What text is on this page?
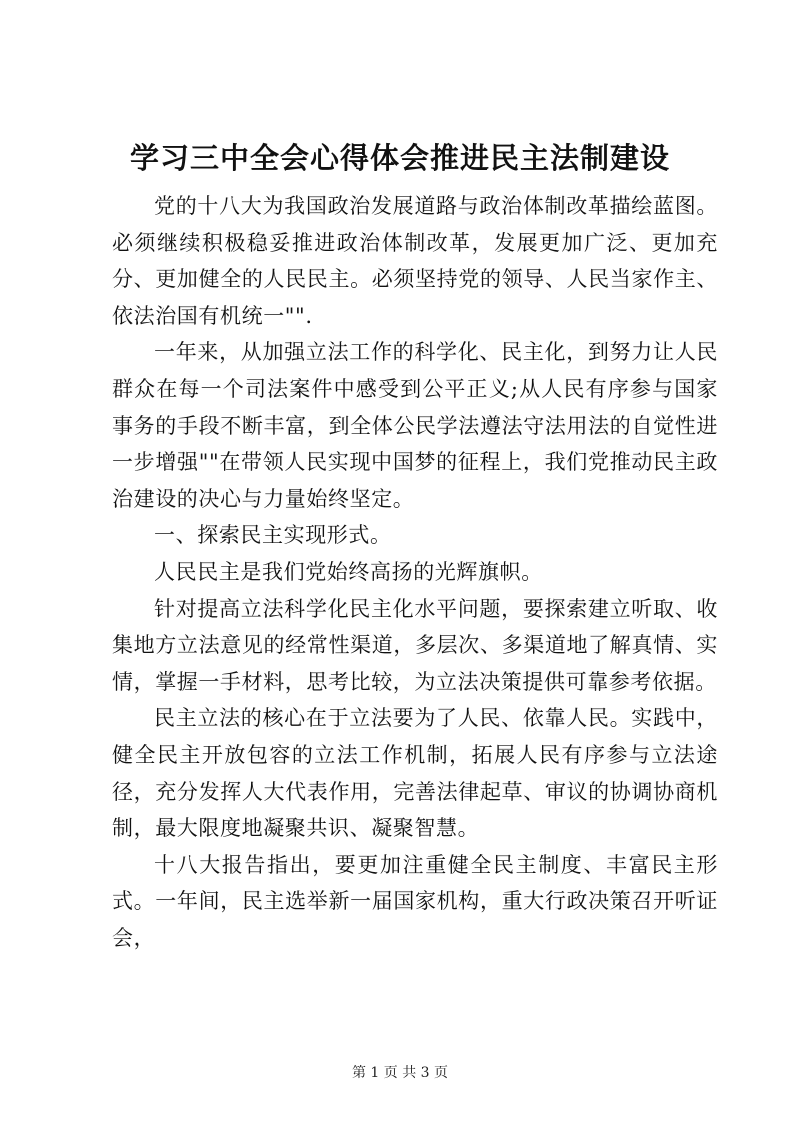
学习三中全会心得体会推进民主法制建设

党的十八大为我国政治发展道路与政治体制改革描绘蓝图。必须继续积极稳妥推进政治体制改革，发展更加广泛、更加充分、更加健全的人民民主。必须坚持党的领导、人民当家作主、依法治国有机统一"".

一年来，从加强立法工作的科学化、民主化，到努力让人民群众在每一个司法案件中感受到公平正义;从人民有序参与国家事务的手段不断丰富，到全体公民学法遵法守法用法的自觉性进一步增强""在带领人民实现中国梦的征程上，我们党推动民主政治建设的决心与力量始终坚定。

一、探索民主实现形式。

人民民主是我们党始终高扬的光辉旗帜。

针对提高立法科学化民主化水平问题，要探索建立听取、收集地方立法意见的经常性渠道，多层次、多渠道地了解真情、实情，掌握一手材料，思考比较，为立法决策提供可靠参考依据。

民主立法的核心在于立法要为了人民、依靠人民。实践中，健全民主开放包容的立法工作机制，拓展人民有序参与立法途径，充分发挥人大代表作用，完善法律起草、审议的协调协商机制，最大限度地凝聚共识、凝聚智慧。

十八大报告指出，要更加注重健全民主制度、丰富民主形式。一年间，民主选举新一届国家机构，重大行政决策召开听证会，

第 1 页 共 3 页
